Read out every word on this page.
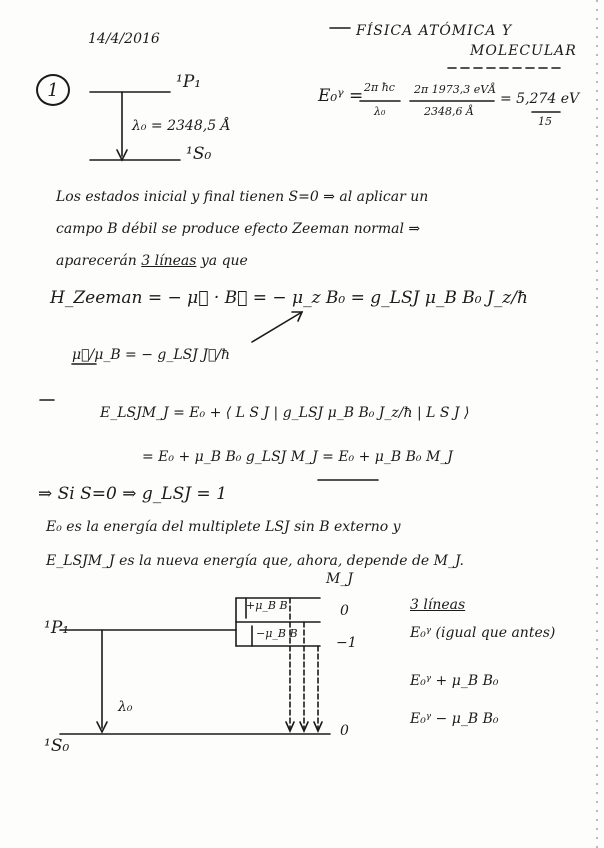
14/4/2016	FÍSICA ATÓMICA Y
MOLECULAR
1	¹P₁
λ₀ = 2348,5 Å
¹S₀
E₀ᵞ = 2π ħc
λ₀
2π 1973,3 eVÅ
2348,6 Å
= 5,274 eV
15
Los estados inicial y final tienen S=0 ⇒ al aplicar un
campo B débil se produce efecto Zeeman normal ⇒
aparecerán 3 líneas ya que
H_Zeeman = − μ⃗ · B⃗ = − μ_z B₀ = g_LSJ μ_B B₀ J_z/ħ
μ⃗/μ_B = − g_LSJ J⃗/ħ
E_LSJM_J = E₀ + ⟨ L S J | g_LSJ μ_B B₀ J_z/ħ | L S J ⟩
= E₀ + μ_B B₀ g_LSJ M_J = E₀ + μ_B B₀ M_J
⇒ Si S=0 ⇒ g_LSJ = 1
E₀ es la energía del multiplete LSJ sin B externo y
E_LSJM_J es la nueva energía que, ahora, depende de M_J.
M_J
+μ_B B
−μ_B B
0
−1
¹P₁
λ₀
¹S₀
0
3 líneas
E₀ᵞ (igual que antes)
E₀ᵞ + μ_B B₀
E₀ᵞ − μ_B B₀
